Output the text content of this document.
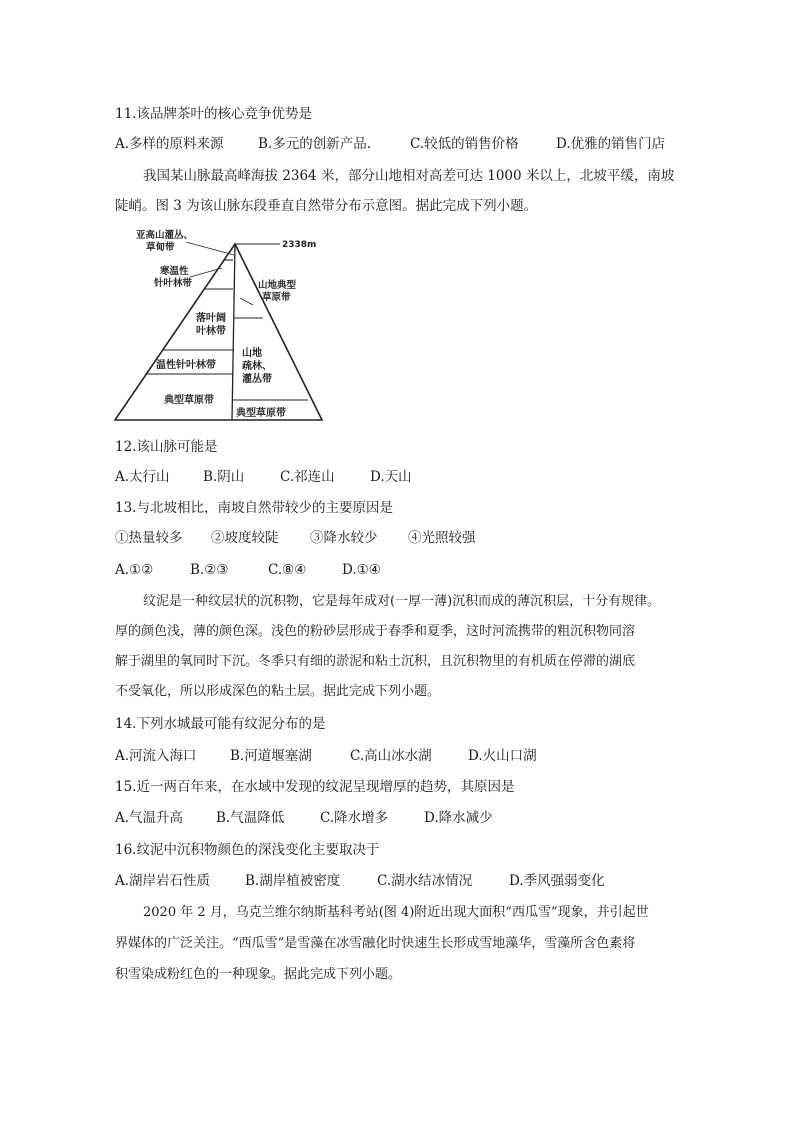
11.该品牌茶叶的核心竞争优势是
A.多样的原料来源	B.多元的创新产品.	C.较低的销售价格	D.优雅的销售门店
我国某山脉最高峰海拔 2364 米，部分山地相对高差可达 1000 米以上，北坡平缓，南坡
陡峭。图 3 为该山脉东段垂直自然带分布示意图。据此完成下列小题。
2338m
亚高山灌丛、
草甸带
寒温性
针叶林带
落叶阔
叶林带
温性针叶林带
典型草原带
山地典型
草原带
山地
疏林、
灌丛带
典型草原带
12.该山脉可能是
A.太行山 B.阴山	C.祁连山	D.天山
13.与北坡相比，南坡自然带较少的主要原因是
①热量较多 ②坡度较陡 ③降水较少 ④光照较强
A.①②	B.②③	C.⑧④	D.①④
纹泥是一种纹层状的沉积物，它是每年成对(一厚一薄)沉积而成的薄沉积层，十分有规律。
厚的颜色浅，薄的颜色深。浅色的粉砂层形成于春季和夏季，这时河流携带的粗沉积物同溶
解于湖里的氧同时下沉。冬季只有细的淤泥和粘土沉积，且沉积物里的有机质在停滞的湖底
不受氧化，所以形成深色的粘土层。据此完成下列小题。
14.下列水城最可能有纹泥分布的是
A.河流入海口 B.河道堰塞湖	C.高山冰水湖	D.火山口湖
15.近一两百年来，在水域中发现的纹泥呈现增厚的趋势，其原因是
A.气温升高 B.气温降低	C.降水增多	D.降水减少
16.纹泥中沉积物颜色的深浅变化主要取决于
A.湖岸岩石性质	B.湖岸植被密度	C.湖水结冰情况	D.季风强弱变化
2020 年 2 月，乌克兰维尔纳斯基科考站(图 4)附近出现大面积“西瓜雪”现象，并引起世
界媒体的广泛关注。“西瓜雪”是雪藻在冰雪融化时快速生长形成雪地藻华，雪藻所含色素将
积雪染成粉红色的一种现象。据此完成下列小题。
